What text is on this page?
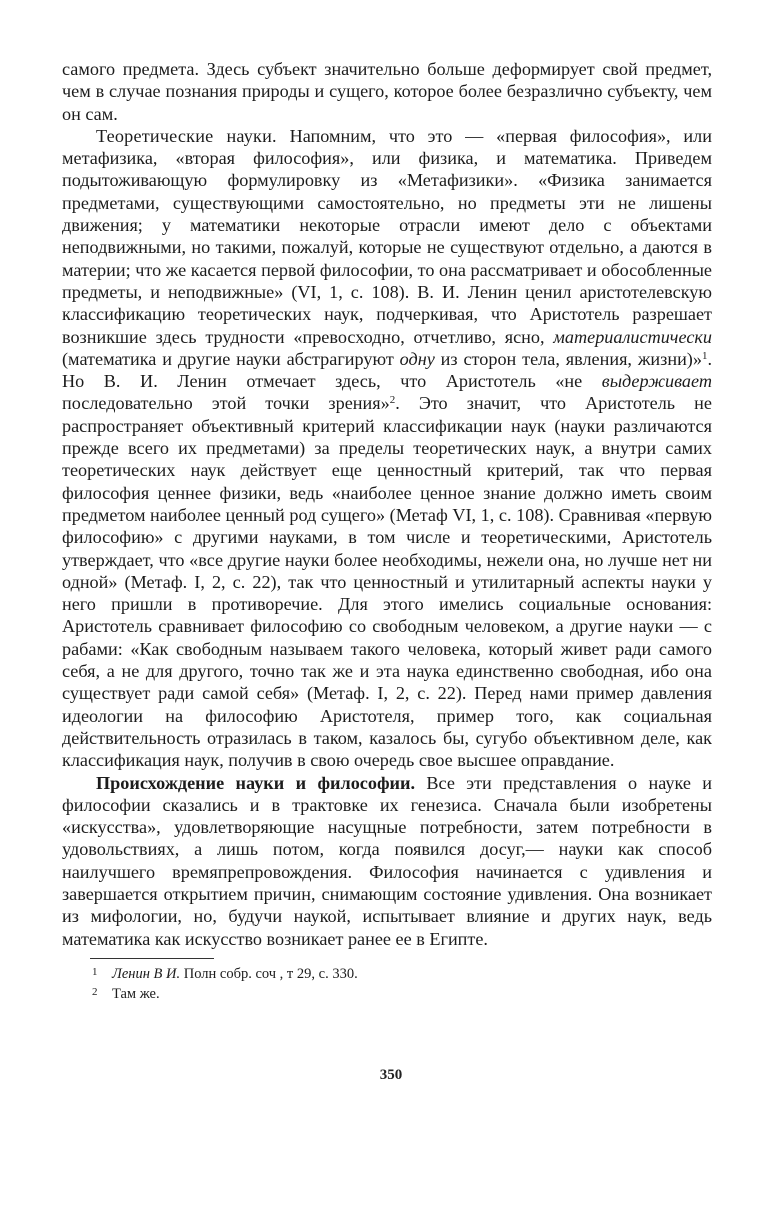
самого предмета. Здесь субъект значительно больше деформирует свой предмет, чем в случае познания природы и сущего, которое более безразлично субъекту, чем он сам.

Теоретические науки. Напомним, что это — «первая философия», или метафизика, «вторая философия», или физика, и математика. Приведем подытоживающую формулировку из «Метафизики». «Физика занимается предметами, существующими самостоятельно, но предметы эти не лишены движения; у математики некоторые отрасли имеют дело с объектами неподвижными, но такими, пожалуй, которые не существуют отдельно, а даются в материи; что же касается первой философии, то она рассматривает и обособленные предметы, и неподвижные» (VI, 1, с. 108). В. И. Ленин ценил аристотелевскую классификацию теоретических наук, подчеркивая, что Аристотель разрешает возникшие здесь трудности «превосходно, отчетливо, ясно, материалистически (математика и другие науки абстрагируют одну из сторон тела, явления, жизни)»$^1$. Но В. И. Ленин отмечает здесь, что Аристотель «не выдерживает последовательно этой точки зрения»$^2$. Это значит, что Аристотель не распространяет объективный критерий классификации наук (науки различаются прежде всего их предметами) за пределы теоретических наук, а внутри самих теоретических наук действует еще ценностный критерий, так что первая философия ценнее физики, ведь «наиболее ценное знание должно иметь своим предметом наиболее ценный род сущего» (Метаф VI, 1, с. 108). Сравнивая «первую философию» с другими науками, в том числе и теоретическими, Аристотель утверждает, что «все другие науки более необходимы, нежели она, но лучше нет ни одной» (Метаф. I, 2, с. 22), так что ценностный и утилитарный аспекты науки у него пришли в противоречие. Для этого имелись социальные основания: Аристотель сравнивает философию со свободным человеком, а другие науки — с рабами: «Как свободным называем такого человека, который живет ради самого себя, а не для другого, точно так же и эта наука единственно свободная, ибо она существует ради самой себя» (Метаф. I, 2, с. 22). Перед нами пример давления идеологии на философию Аристотеля, пример того, как социальная действительность отразилась в таком, казалось бы, сугубо объективном деле, как классификация наук, получив в свою очередь свое высшее оправдание.

Происхождение науки и философии. Все эти представления о науке и философии сказались и в трактовке их генезиса. Сначала были изобретены «искусства», удовлетворяющие насущные потребности, затем потребности в удовольствиях, а лишь потом, когда появился досуг,— науки как способ наилучшего времяпрепровождения. Философия начинается с удивления и завершается открытием причин, снимающим состояние удивления. Она возникает из мифологии, но, будучи наукой, испытывает влияние и других наук, ведь математика как искусство возникает ранее ее в Египте.

1 Ленин В И. Полн собр. соч , т 29, с. 330.
2 Там же.
350
